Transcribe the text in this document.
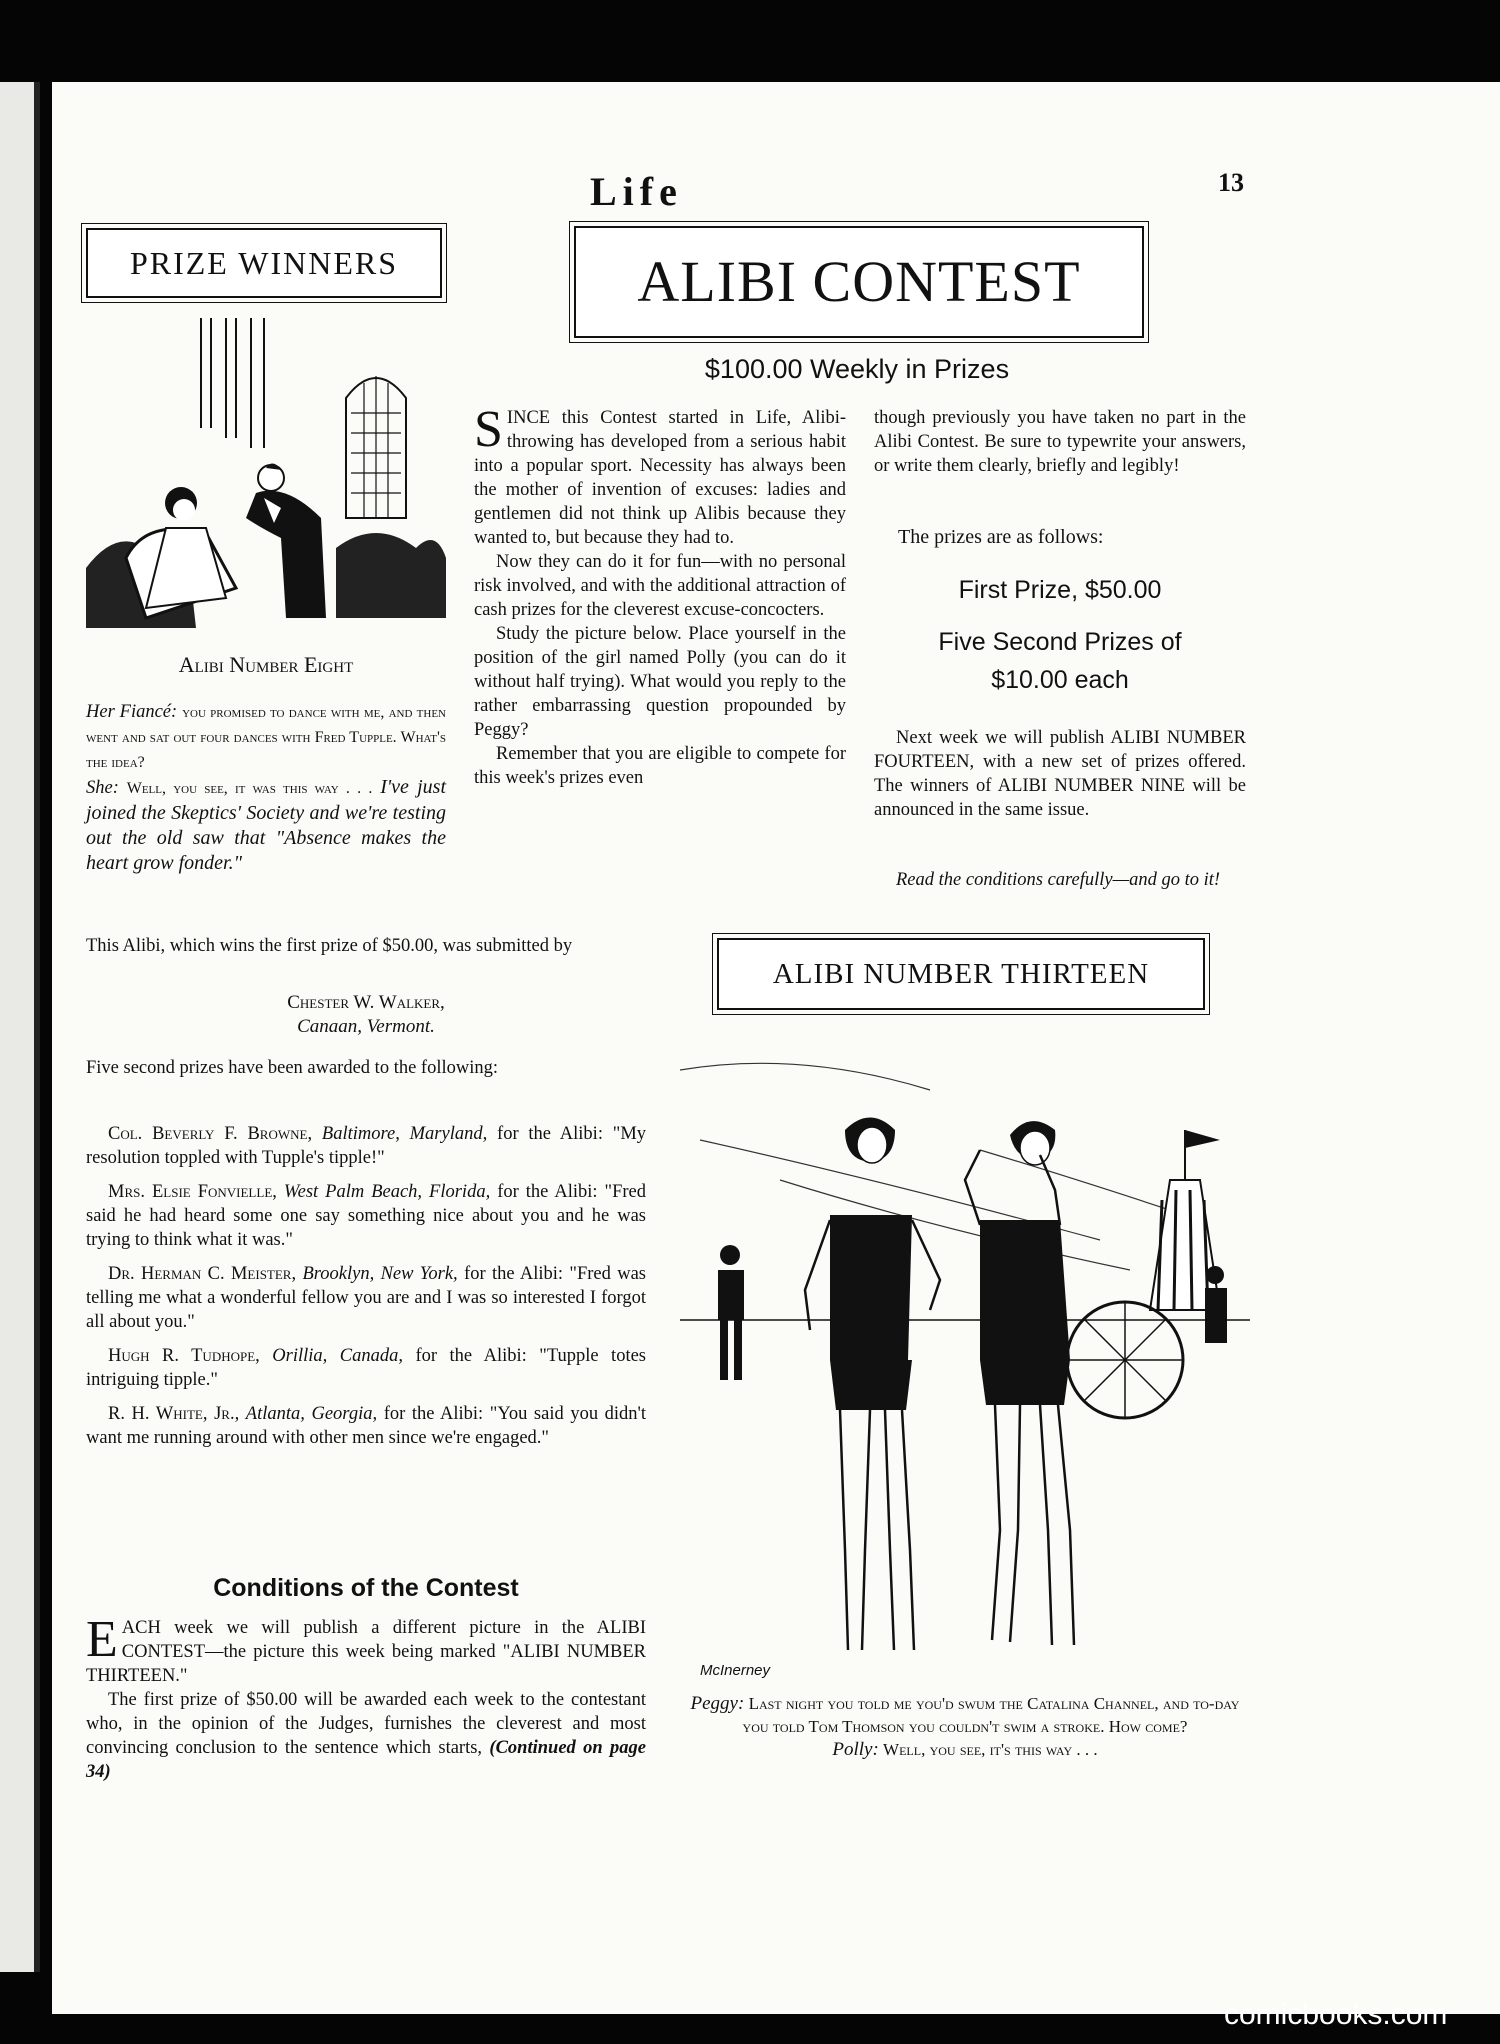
Life	13
PRIZE WINNERS
Alibi Number Eight

Her Fiancé: you promised to dance with me, and then went and sat out four dances with Fred Tupple. What's the idea?

She: Well, you see, it was this way . . . I've just joined the Skeptics' Society and we're testing out the old saw that "Absence makes the heart grow fonder."

This Alibi, which wins the first prize of $50.00, was submitted by
Chester W. Walker,
Canaan, Vermont.
Five second prizes have been awarded to the following:

Col. Beverly F. Browne, Baltimore, Maryland, for the Alibi: "My resolution toppled with Tupple's tipple!"

Mrs. Elsie Fonvielle, West Palm Beach, Florida, for the Alibi: "Fred said he had heard some one say something nice about you and he was trying to think what it was."

Dr. Herman C. Meister, Brooklyn, New York, for the Alibi: "Fred was telling me what a wonderful fellow you are and I was so interested I forgot all about you."

Hugh R. Tudhope, Orillia, Canada, for the Alibi: "Tupple totes intriguing tipple."

R. H. White, Jr., Atlanta, Georgia, for the Alibi: "You said you didn't want me running around with other men since we're engaged."

Conditions of the Contest

EACH week we will publish a different picture in the ALIBI CONTEST—the picture this week being marked "ALIBI NUMBER THIRTEEN."

The first prize of $50.00 will be awarded each week to the contestant who, in the opinion of the Judges, furnishes the cleverest and most convincing conclusion to the sentence which starts, (Continued on page 34)

ALIBI CONTEST
$100.00 Weekly in Prizes

SINCE this Contest started in Life, Alibi-throwing has developed from a serious habit into a popular sport. Necessity has always been the mother of invention of excuses: ladies and gentlemen did not think up Alibis because they wanted to, but because they had to.

Now they can do it for fun—with no personal risk involved, and with the additional attraction of cash prizes for the cleverest excuse-concocters.

Study the picture below. Place yourself in the position of the girl named Polly (you can do it without half trying). What would you reply to the rather embarrassing question propounded by Peggy?

Remember that you are eligible to compete for this week's prizes even

though previously you have taken no part in the Alibi Contest. Be sure to typewrite your answers, or write them clearly, briefly and legibly!
The prizes are as follows:
First Prize, $50.00
Five Second Prizes of
$10.00 each
Next week we will publish ALIBI NUMBER FOURTEEN, with a new set of prizes offered. The winners of ALIBI NUMBER NINE will be announced in the same issue.
Read the conditions carefully—and go to it!
ALIBI NUMBER THIRTEEN
McInerney
Peggy: Last night you told me you'd swum the Catalina Channel, and to-day you told Tom Thomson you couldn't swim a stroke. How come?
Polly: Well, you see, it's this way . . .
comicbooks.com
